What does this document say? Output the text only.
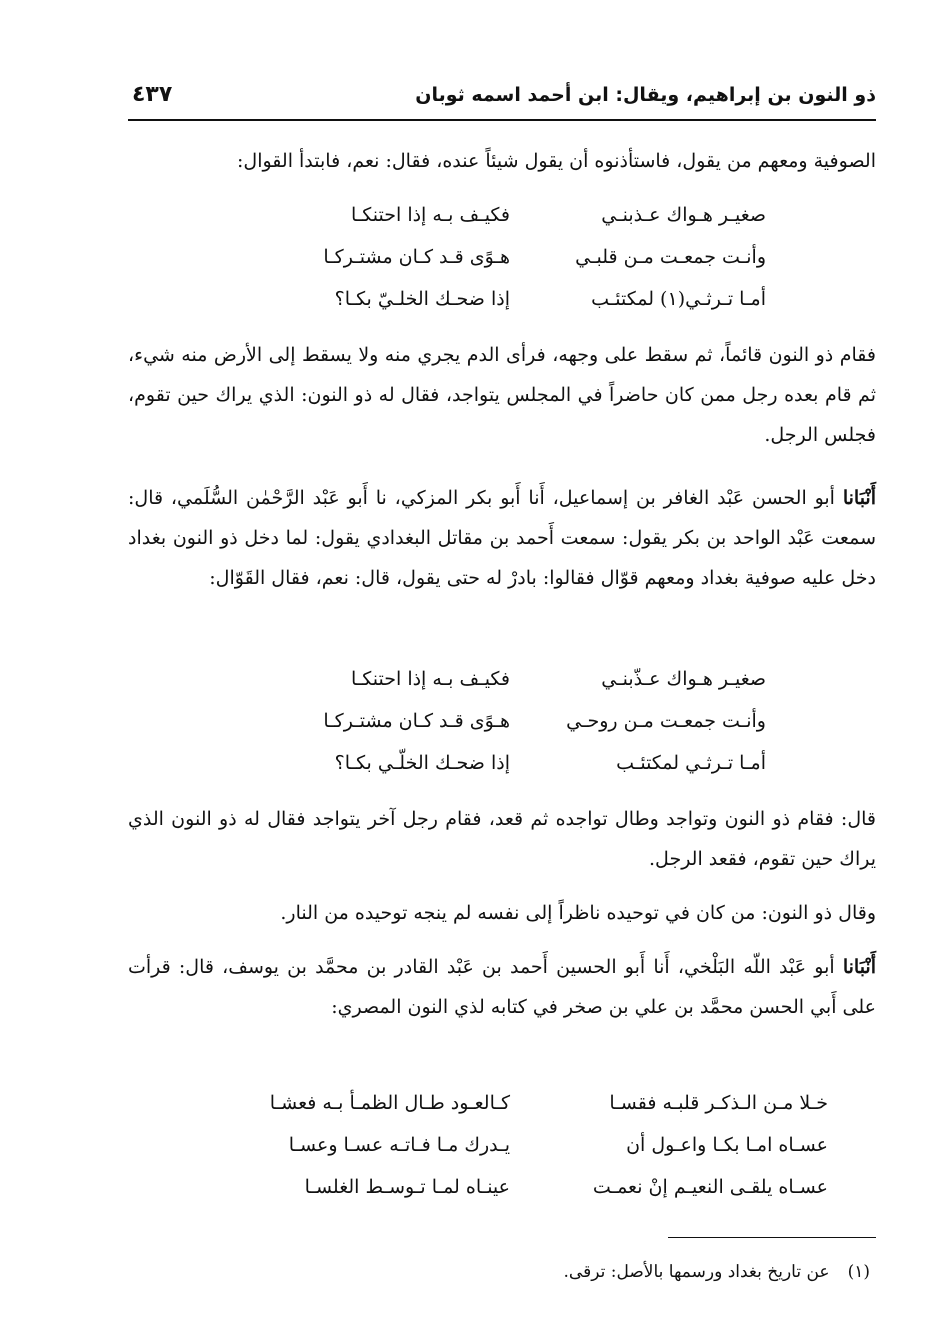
ذو النون بن إبراهيم، ويقال: ابن أحمد اسمه ثوبان
٤٣٧

الصوفية ومعهم من يقول، فاستأذنوه أن يقول شيئاً عنده، فقال: نعم، فابتدأ القوال:

صغيـر هـواك عـذبنـي
فكيـف بـه إذا احتنكـا
وأنـت جمعـت مـن قلبـي
هـوًى قـد كـان مشتـركـا
أمـا تـرثـي(١) لمكتئـب
إذا ضحـك الخلـيّ بكـا؟

فقام ذو النون قائماً، ثم سقط على وجهه، فرأى الدم يجري منه ولا يسقط إلى الأرض منه شيء، ثم قام بعده رجل ممن كان حاضراً في المجلس يتواجد، فقال له ذو النون: الذي يراك حين تقوم، فجلس الرجل.

أَنْبَانا أبو الحسن عَبْد الغافر بن إسماعيل، أَنا أَبو بكر المزكي، نا أَبو عَبْد الرَّحْمٰن السُّلَمي، قال: سمعت عَبْد الواحد بن بكر يقول: سمعت أَحمد بن مقاتل البغدادي يقول: لما دخل ذو النون بغداد دخل عليه صوفية بغداد ومعهم قوّال فقالوا: بادرْ له حتى يقول، قال: نعم، فقال القَوّال:

صغيـر هـواك عـذّبنـي
فكيـف بـه إذا احتنكـا
وأنـت جمعـت مـن روحـي
هـوًى قـد كـان مشتـركـا
أمـا تـرثـي لمكتئـب
إذا ضحـك الخلّـي بكـا؟

قال: فقام ذو النون وتواجد وطال تواجده ثم قعد، فقام رجل آخر يتواجد فقال له ذو النون الذي يراك حين تقوم، فقعد الرجل.

وقال ذو النون: من كان في توحيده ناظراً إلى نفسه لم ينجه توحيده من النار.

أَنْبَانا أبو عَبْد اللّه البَلْخي، أَنا أَبو الحسين أَحمد بن عَبْد القادر بن محمَّد بن يوسف، قال: قرأت على أَبي الحسن محمَّد بن علي بن صخر في كتابه لذي النون المصري:

خـلا مـن الـذكـر قلبـه فقسـا
كـالعـود طـال الظمـأ بـه فعشـا
عسـاه امـا بكـا واعـول أن
يـدرك مـا فـاتـه عسـا وعسـا
عسـاه يلقـى النعيـم إنْ نعمـت
عينـاه لمـا تـوسـط الغلسـا
(١)عن تاريخ بغداد ورسمها بالأصل: ترقى.
